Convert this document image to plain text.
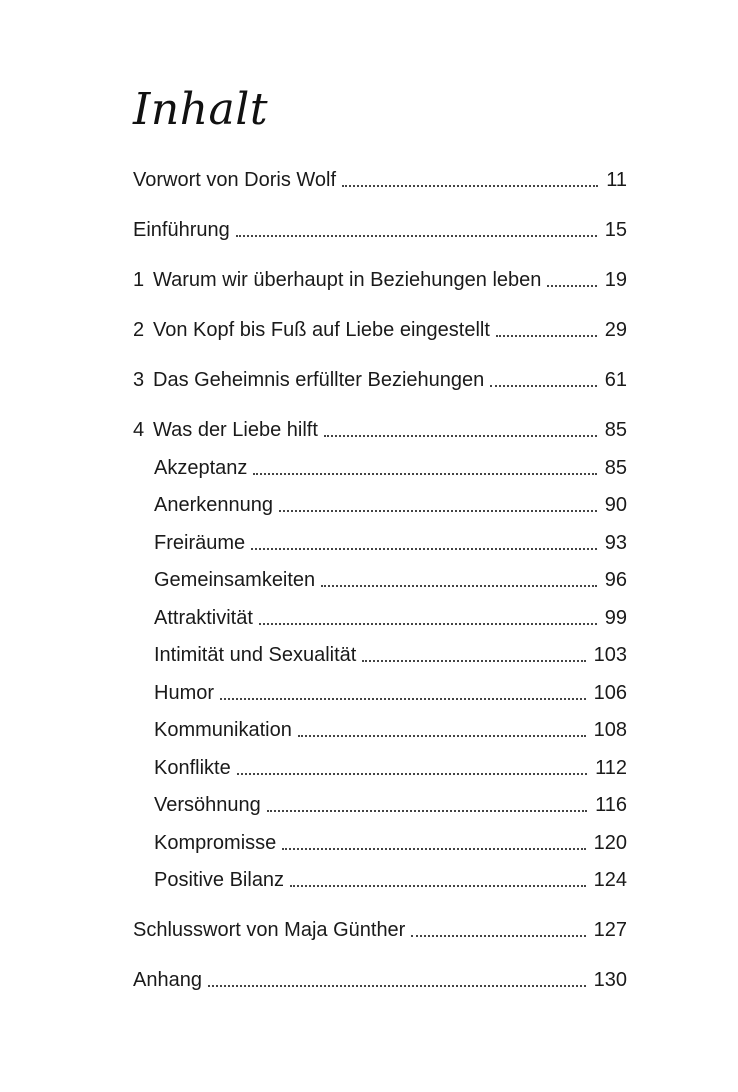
Inhalt
Vorwort von Doris Wolf	11
Einführung	15
1 Warum wir überhaupt in Beziehungen leben	19
2 Von Kopf bis Fuß auf Liebe eingestellt	29
3 Das Geheimnis erfüllter Beziehungen	61
4 Was der Liebe hilft	85
Akzeptanz	85
Anerkennung	90
Freiräume	93
Gemeinsamkeiten	96
Attraktivität	99
Intimität und Sexualität	103
Humor	106
Kommunikation	108
Konflikte	112
Versöhnung	116
Kompromisse	120
Positive Bilanz	124
Schlusswort von Maja Günther	127
Anhang	130
